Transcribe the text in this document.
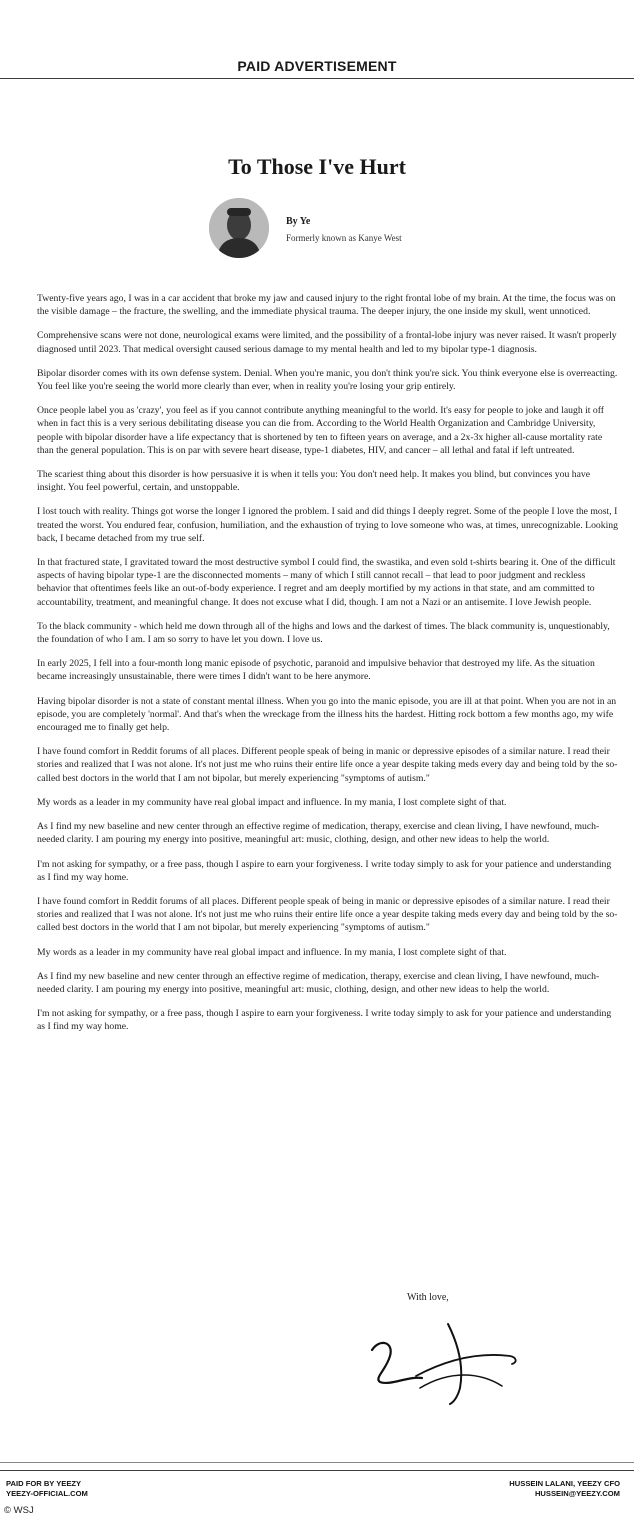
PAID ADVERTISEMENT
To Those I've Hurt
By Ye
Formerly known as Kanye West

Twenty-five years ago, I was in a car accident that broke my jaw and caused injury to the right frontal lobe of my brain. At the time, the focus was on the visible damage – the fracture, the swelling, and the immediate physical trauma. The deeper injury, the one inside my skull, went unnoticed.

Comprehensive scans were not done, neurological exams were limited, and the possibility of a frontal-lobe injury was never raised. It wasn't properly diagnosed until 2023. That medical oversight caused serious damage to my mental health and led to my bipolar type-1 diagnosis.

Bipolar disorder comes with its own defense system. Denial. When you're manic, you don't think you're sick. You think everyone else is overreacting. You feel like you're seeing the world more clearly than ever, when in reality you're losing your grip entirely.

Once people label you as 'crazy', you feel as if you cannot contribute anything meaningful to the world. It's easy for people to joke and laugh it off when in fact this is a very serious debilitating disease you can die from. According to the World Health Organization and Cambridge University, people with bipolar disorder have a life expectancy that is shortened by ten to fifteen years on average, and a 2x-3x higher all-cause mortality rate than the general population. This is on par with severe heart disease, type-1 diabetes, HIV, and cancer – all lethal and fatal if left untreated.

The scariest thing about this disorder is how persuasive it is when it tells you: You don't need help. It makes you blind, but convinces you have insight. You feel powerful, certain, and unstoppable.

I lost touch with reality. Things got worse the longer I ignored the problem. I said and did things I deeply regret. Some of the people I love the most, I treated the worst. You endured fear, confusion, humiliation, and the exhaustion of trying to love someone who was, at times, unrecognizable. Looking back, I became detached from my true self.

In that fractured state, I gravitated toward the most destructive symbol I could find, the swastika, and even sold t-shirts bearing it. One of the difficult aspects of having bipolar type-1 are the disconnected moments – many of which I still cannot recall – that lead to poor judgment and reckless behavior that oftentimes feels like an out-of-body experience. I regret and am deeply mortified by my actions in that state, and am committed to accountability, treatment, and meaningful change. It does not excuse what I did, though. I am not a Nazi or an antisemite. I love Jewish people.

To the black community - which held me down through all of the highs and lows and the darkest of times. The black community is, unquestionably, the foundation of who I am. I am so sorry to have let you down. I love us.

In early 2025, I fell into a four-month long manic episode of psychotic, paranoid and impulsive behavior that destroyed my life. As the situation became increasingly unsustainable, there were times I didn't want to be here anymore.

Having bipolar disorder is not a state of constant mental illness. When you go into the manic episode, you are ill at that point. When you are not in an episode, you are completely 'normal'. And that's when the wreckage from the illness hits the hardest. Hitting rock bottom a few months ago, my wife encouraged me to finally get help.

I have found comfort in Reddit forums of all places. Different people speak of being in manic or depressive episodes of a similar nature. I read their stories and realized that I was not alone. It's not just me who ruins their entire life once a year despite taking meds every day and being told by the so-called best doctors in the world that I am not bipolar, but merely experiencing "symptoms of autism."

My words as a leader in my community have real global impact and influence. In my mania, I lost complete sight of that.

As I find my new baseline and new center through an effective regime of medication, therapy, exercise and clean living, I have newfound, much-needed clarity. I am pouring my energy into positive, meaningful art: music, clothing, design, and other new ideas to help the world.

I'm not asking for sympathy, or a free pass, though I aspire to earn your forgiveness. I write today simply to ask for your patience and understanding as I find my way home.

I have found comfort in Reddit forums of all places. Different people speak of being in manic or depressive episodes of a similar nature. I read their stories and realized that I was not alone. It's not just me who ruins their entire life once a year despite taking meds every day and being told by the so-called best doctors in the world that I am not bipolar, but merely experiencing "symptoms of autism."

My words as a leader in my community have real global impact and influence. In my mania, I lost complete sight of that.

As I find my new baseline and new center through an effective regime of medication, therapy, exercise and clean living, I have newfound, much-needed clarity. I am pouring my energy into positive, meaningful art: music, clothing, design, and other new ideas to help the world.

I'm not asking for sympathy, or a free pass, though I aspire to earn your forgiveness. I write today simply to ask for your patience and understanding as I find my way home.

With love,
PAID FOR BY YEEZY
YEEZY-OFFICIAL.COM
HUSSEIN LALANI, YEEZY CFO
HUSSEIN@YEEZY.COM
© WSJ
